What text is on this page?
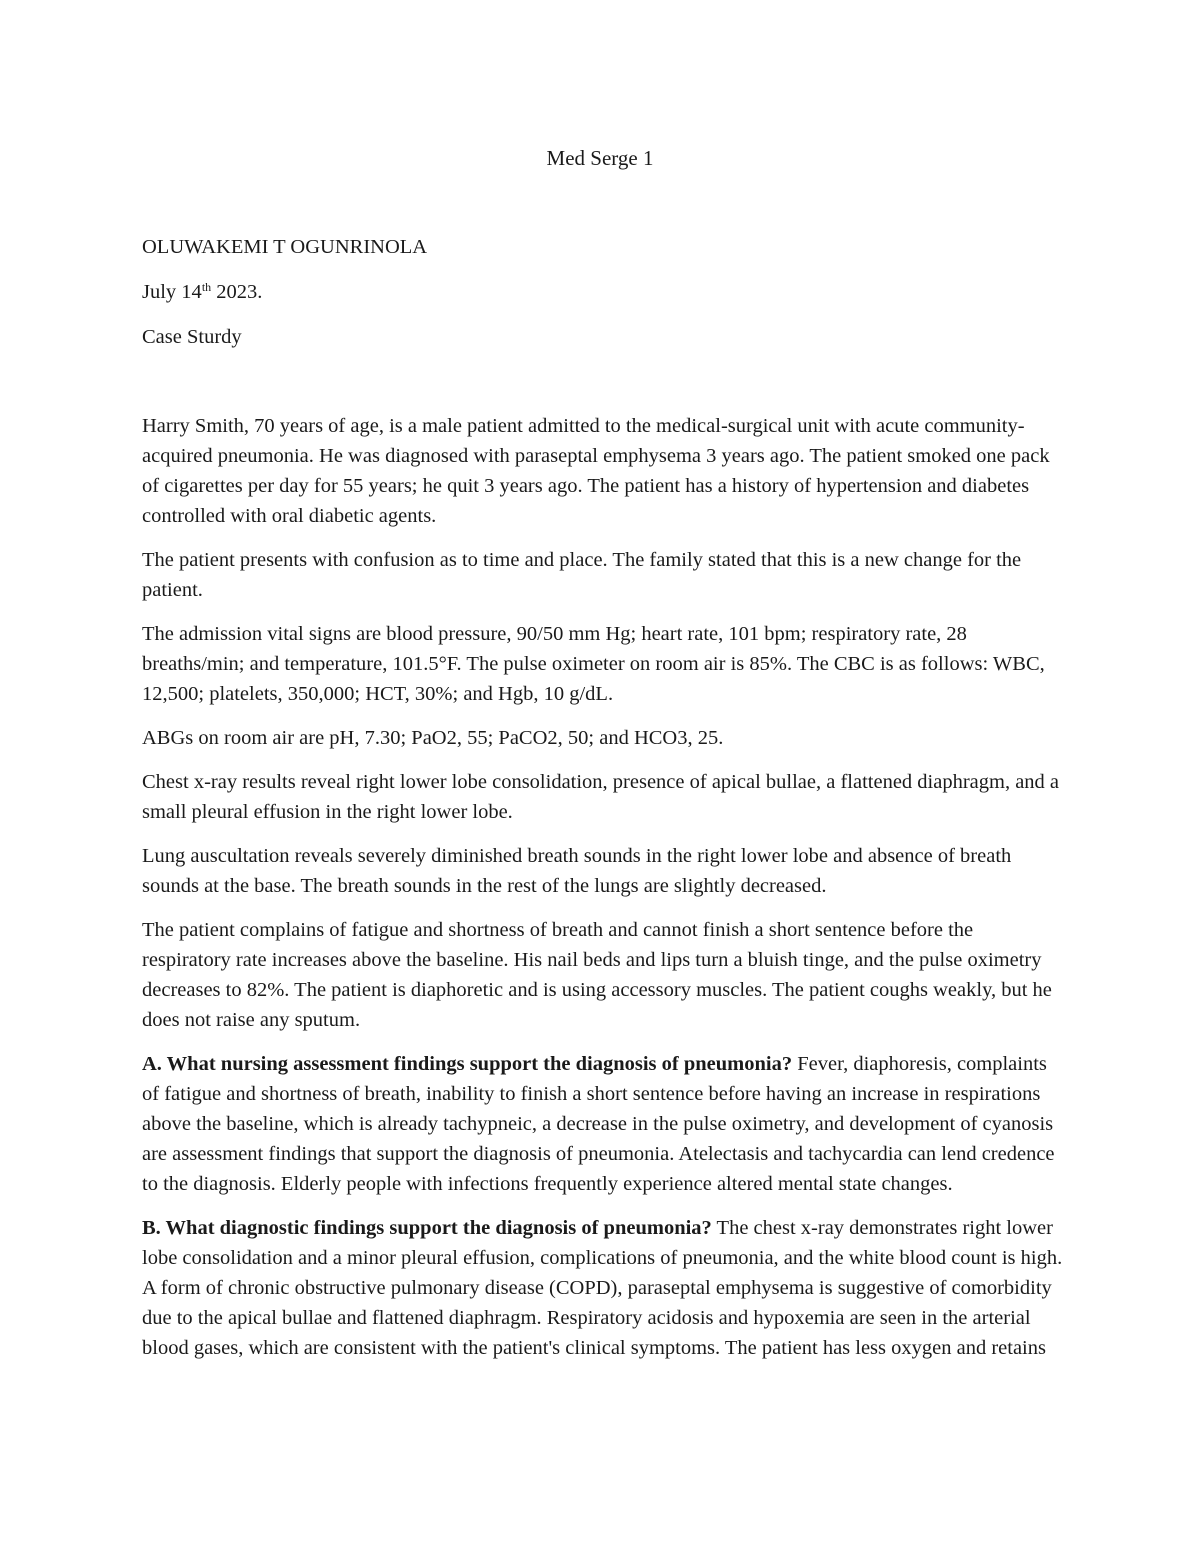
Med Serge 1
OLUWAKEMI T OGUNRINOLA
July 14th 2023.
Case Sturdy

Harry Smith, 70 years of age, is a male patient admitted to the medical-surgical unit with acute community-acquired pneumonia. He was diagnosed with paraseptal emphysema 3 years ago. The patient smoked one pack of cigarettes per day for 55 years; he quit 3 years ago. The patient has a history of hypertension and diabetes controlled with oral diabetic agents.

The patient presents with confusion as to time and place. The family stated that this is a new change for the patient.

The admission vital signs are blood pressure, 90/50 mm Hg; heart rate, 101 bpm; respiratory rate, 28 breaths/min; and temperature, 101.5°F. The pulse oximeter on room air is 85%. The CBC is as follows: WBC, 12,500; platelets, 350,000; HCT, 30%; and Hgb, 10 g/dL.

ABGs on room air are pH, 7.30; PaO2, 55; PaCO2, 50; and HCO3, 25.

Chest x-ray results reveal right lower lobe consolidation, presence of apical bullae, a flattened diaphragm, and a small pleural effusion in the right lower lobe.

Lung auscultation reveals severely diminished breath sounds in the right lower lobe and absence of breath sounds at the base. The breath sounds in the rest of the lungs are slightly decreased.

The patient complains of fatigue and shortness of breath and cannot finish a short sentence before the respiratory rate increases above the baseline. His nail beds and lips turn a bluish tinge, and the pulse oximetry decreases to 82%. The patient is diaphoretic and is using accessory muscles. The patient coughs weakly, but he does not raise any sputum.

A. What nursing assessment findings support the diagnosis of pneumonia? Fever, diaphoresis, complaints of fatigue and shortness of breath, inability to finish a short sentence before having an increase in respirations above the baseline, which is already tachypneic, a decrease in the pulse oximetry, and development of cyanosis are assessment findings that support the diagnosis of pneumonia. Atelectasis and tachycardia can lend credence to the diagnosis. Elderly people with infections frequently experience altered mental state changes.

B. What diagnostic findings support the diagnosis of pneumonia? The chest x-ray demonstrates right lower lobe consolidation and a minor pleural effusion, complications of pneumonia, and the white blood count is high. A form of chronic obstructive pulmonary disease (COPD), paraseptal emphysema is suggestive of comorbidity due to the apical bullae and flattened diaphragm. Respiratory acidosis and hypoxemia are seen in the arterial blood gases, which are consistent with the patient's clinical symptoms. The patient has less oxygen and retains
